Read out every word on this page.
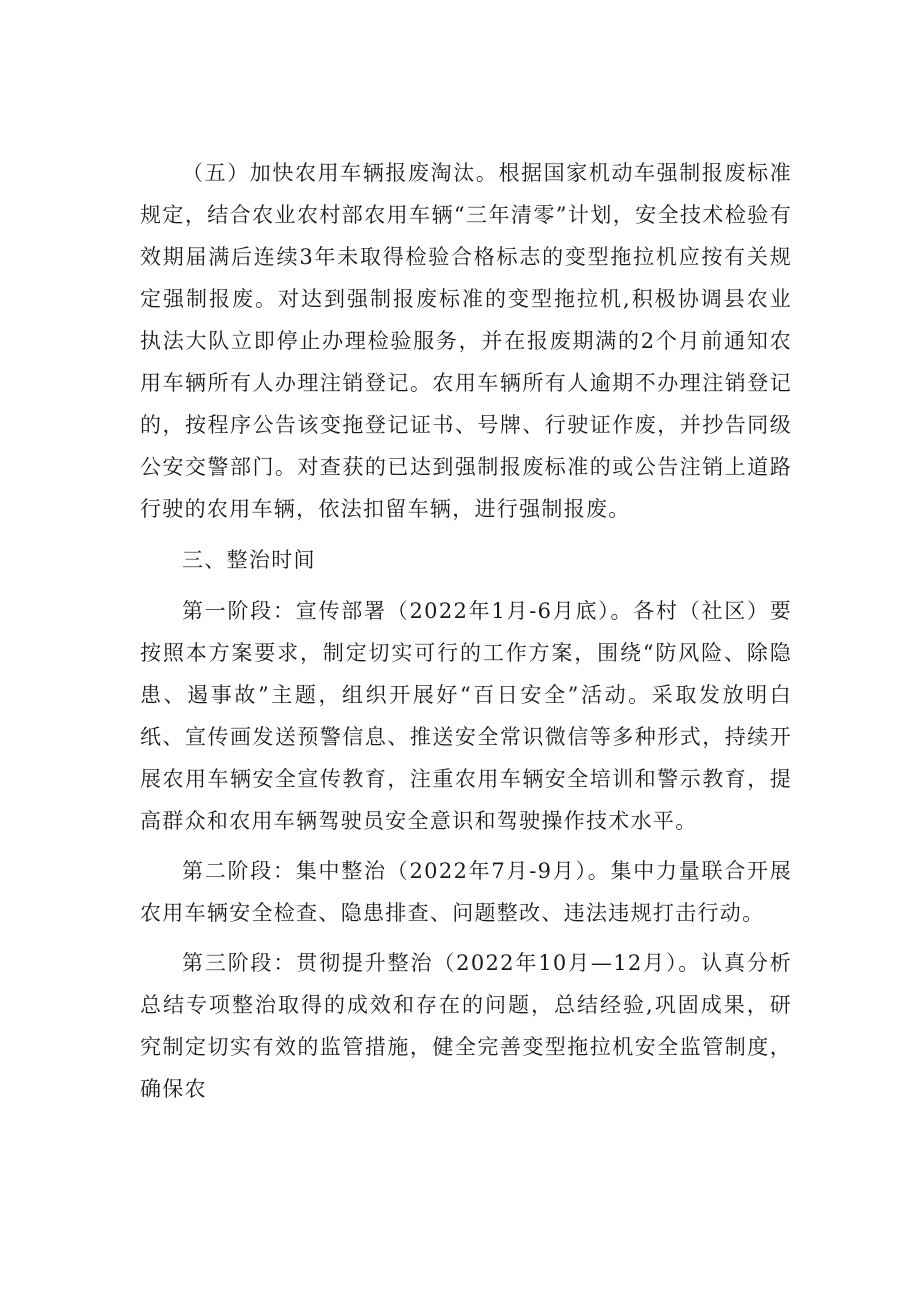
（五）加快农用车辆报废淘汰。根据国家机动车强制报废标准规定，结合农业农村部农用车辆“三年清零”计划，安全技术检验有效期届满后连续3年未取得检验合格标志的变型拖拉机应按有关规定强制报废。对达到强制报废标准的变型拖拉机,积极协调县农业执法大队立即停止办理检验服务，并在报废期满的2个月前通知农用车辆所有人办理注销登记。农用车辆所有人逾期不办理注销登记的，按程序公告该变拖登记证书、号牌、行驶证作废，并抄告同级公安交警部门。对查获的已达到强制报废标准的或公告注销上道路行驶的农用车辆，依法扣留车辆，进行强制报废。

三、整治时间

第一阶段：宣传部署（2022年1月-6月底）。各村（社区）要按照本方案要求，制定切实可行的工作方案，围绕“防风险、除隐患、遏事故”主题，组织开展好“百日安全”活动。采取发放明白纸、宣传画发送预警信息、推送安全常识微信等多种形式，持续开展农用车辆安全宣传教育，注重农用车辆安全培训和警示教育，提高群众和农用车辆驾驶员安全意识和驾驶操作技术水平。

第二阶段：集中整治（2022年7月-9月）。集中力量联合开展农用车辆安全检查、隐患排查、问题整改、违法违规打击行动。

第三阶段：贯彻提升整治（2022年10月—12月）。认真分析总结专项整治取得的成效和存在的问题，总结经验,巩固成果，研究制定切实有效的监管措施，健全完善变型拖拉机安全监管制度，确保农
